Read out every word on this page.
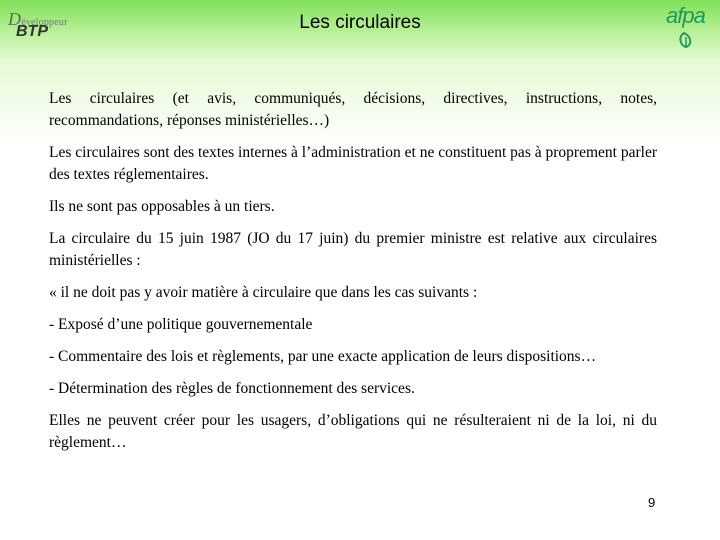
Développeur
BTP	Les circulaires	afpa

Les circulaires (et avis, communiqués, décisions, directives, instructions, notes, recommandations, réponses ministérielles…)

Les circulaires sont des textes internes à l’administration et ne constituent pas à proprement parler des textes réglementaires.

Ils ne sont pas opposables à un tiers.

La circulaire du 15 juin 1987 (JO du 17 juin) du premier ministre est relative aux circulaires ministérielles :

« il ne doit pas y avoir matière à circulaire que dans les cas suivants :

- Exposé d’une politique gouvernementale

- Commentaire des lois et règlements, par une exacte application de leurs dispositions…

- Détermination des règles de fonctionnement des services.

Elles ne peuvent créer pour les usagers, d’obligations qui ne résulteraient ni de la loi, ni du règlement…

9
